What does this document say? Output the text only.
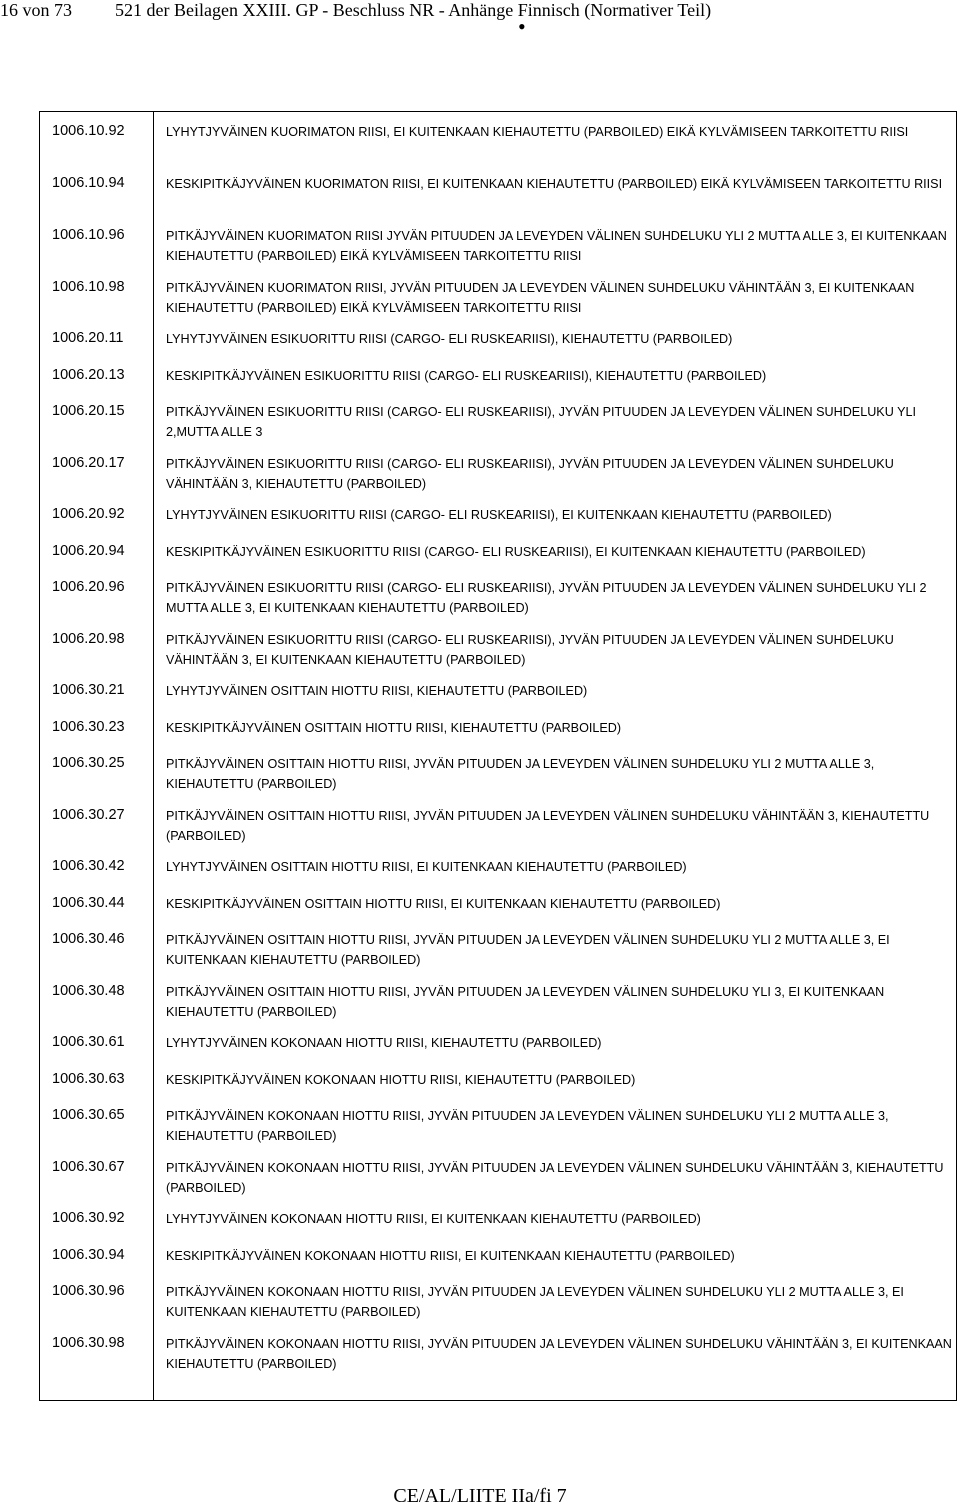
16 von 73 521 der Beilagen XXIII. GP - Beschluss NR - Anhänge Finnisch (Normativer Teil)
•
1006.10.92	LYHYTJYVÄINEN KUORIMATON RIISI, EI KUITENKAAN KIEHAUTETTU (PARBOILED) EIKÄ KYLVÄMISEEN TARKOITETTU RIISI
1006.10.94	KESKIPITKÄJYVÄINEN KUORIMATON RIISI, EI KUITENKAAN KIEHAUTETTU (PARBOILED) EIKÄ KYLVÄMISEEN TARKOITETTU RIISI
1006.10.96	PITKÄJYVÄINEN KUORIMATON RIISI JYVÄN PITUUDEN JA LEVEYDEN VÄLINEN SUHDELUKU YLI 2 MUTTA ALLE 3, EI KUITENKAAN KIEHAUTETTU (PARBOILED) EIKÄ KYLVÄMISEEN TARKOITETTU RIISI
1006.10.98	PITKÄJYVÄINEN KUORIMATON RIISI, JYVÄN PITUUDEN JA LEVEYDEN VÄLINEN SUHDELUKU VÄHINTÄÄN 3, EI KUITENKAAN KIEHAUTETTU (PARBOILED) EIKÄ KYLVÄMISEEN TARKOITETTU RIISI
1006.20.11	LYHYTJYVÄINEN ESIKUORITTU RIISI (CARGO- ELI RUSKEARIISI), KIEHAUTETTU (PARBOILED)
1006.20.13	KESKIPITKÄJYVÄINEN ESIKUORITTU RIISI (CARGO- ELI RUSKEARIISI), KIEHAUTETTU (PARBOILED)
1006.20.15	PITKÄJYVÄINEN ESIKUORITTU RIISI (CARGO- ELI RUSKEARIISI), JYVÄN PITUUDEN JA LEVEYDEN VÄLINEN SUHDELUKU YLI 2,MUTTA ALLE 3
1006.20.17	PITKÄJYVÄINEN ESIKUORITTU RIISI (CARGO- ELI RUSKEARIISI), JYVÄN PITUUDEN JA LEVEYDEN VÄLINEN SUHDELUKU VÄHINTÄÄN 3, KIEHAUTETTU (PARBOILED)
1006.20.92	LYHYTJYVÄINEN ESIKUORITTU RIISI (CARGO- ELI RUSKEARIISI), EI KUITENKAAN KIEHAUTETTU (PARBOILED)
1006.20.94	KESKIPITKÄJYVÄINEN ESIKUORITTU RIISI (CARGO- ELI RUSKEARIISI), EI KUITENKAAN KIEHAUTETTU (PARBOILED)
1006.20.96	PITKÄJYVÄINEN ESIKUORITTU RIISI (CARGO- ELI RUSKEARIISI), JYVÄN PITUUDEN JA LEVEYDEN VÄLINEN SUHDELUKU YLI 2 MUTTA ALLE 3, EI KUITENKAAN KIEHAUTETTU (PARBOILED)
1006.20.98	PITKÄJYVÄINEN ESIKUORITTU RIISI (CARGO- ELI RUSKEARIISI), JYVÄN PITUUDEN JA LEVEYDEN VÄLINEN SUHDELUKU VÄHINTÄÄN 3, EI KUITENKAAN KIEHAUTETTU (PARBOILED)
1006.30.21	LYHYTJYVÄINEN OSITTAIN HIOTTU RIISI, KIEHAUTETTU (PARBOILED)
1006.30.23	KESKIPITKÄJYVÄINEN OSITTAIN HIOTTU RIISI, KIEHAUTETTU (PARBOILED)
1006.30.25	PITKÄJYVÄINEN OSITTAIN HIOTTU RIISI, JYVÄN PITUUDEN JA LEVEYDEN VÄLINEN SUHDELUKU YLI 2 MUTTA ALLE 3, KIEHAUTETTU (PARBOILED)
1006.30.27	PITKÄJYVÄINEN OSITTAIN HIOTTU RIISI, JYVÄN PITUUDEN JA LEVEYDEN VÄLINEN SUHDELUKU VÄHINTÄÄN 3, KIEHAUTETTU (PARBOILED)
1006.30.42	LYHYTJYVÄINEN OSITTAIN HIOTTU RIISI, EI KUITENKAAN KIEHAUTETTU (PARBOILED)
1006.30.44	KESKIPITKÄJYVÄINEN OSITTAIN HIOTTU RIISI, EI KUITENKAAN KIEHAUTETTU (PARBOILED)
1006.30.46	PITKÄJYVÄINEN OSITTAIN HIOTTU RIISI, JYVÄN PITUUDEN JA LEVEYDEN VÄLINEN SUHDELUKU YLI 2 MUTTA ALLE 3, EI KUITENKAAN KIEHAUTETTU (PARBOILED)
1006.30.48	PITKÄJYVÄINEN OSITTAIN HIOTTU RIISI, JYVÄN PITUUDEN JA LEVEYDEN VÄLINEN SUHDELUKU YLI 3, EI KUITENKAAN KIEHAUTETTU (PARBOILED)
1006.30.61	LYHYTJYVÄINEN KOKONAAN HIOTTU RIISI, KIEHAUTETTU (PARBOILED)
1006.30.63	KESKIPITKÄJYVÄINEN KOKONAAN HIOTTU RIISI, KIEHAUTETTU (PARBOILED)
1006.30.65	PITKÄJYVÄINEN KOKONAAN HIOTTU RIISI, JYVÄN PITUUDEN JA LEVEYDEN VÄLINEN SUHDELUKU YLI 2 MUTTA ALLE 3, KIEHAUTETTU (PARBOILED)
1006.30.67	PITKÄJYVÄINEN KOKONAAN HIOTTU RIISI, JYVÄN PITUUDEN JA LEVEYDEN VÄLINEN SUHDELUKU VÄHINTÄÄN 3, KIEHAUTETTU (PARBOILED)
1006.30.92	LYHYTJYVÄINEN KOKONAAN HIOTTU RIISI, EI KUITENKAAN KIEHAUTETTU (PARBOILED)
1006.30.94	KESKIPITKÄJYVÄINEN KOKONAAN HIOTTU RIISI, EI KUITENKAAN KIEHAUTETTU (PARBOILED)
1006.30.96	PITKÄJYVÄINEN KOKONAAN HIOTTU RIISI, JYVÄN PITUUDEN JA LEVEYDEN VÄLINEN SUHDELUKU YLI 2 MUTTA ALLE 3, EI KUITENKAAN KIEHAUTETTU (PARBOILED)
1006.30.98	PITKÄJYVÄINEN KOKONAAN HIOTTU RIISI, JYVÄN PITUUDEN JA LEVEYDEN VÄLINEN SUHDELUKU VÄHINTÄÄN 3, EI KUITENKAAN KIEHAUTETTU (PARBOILED)
CE/AL/LIITE IIa/fi 7
